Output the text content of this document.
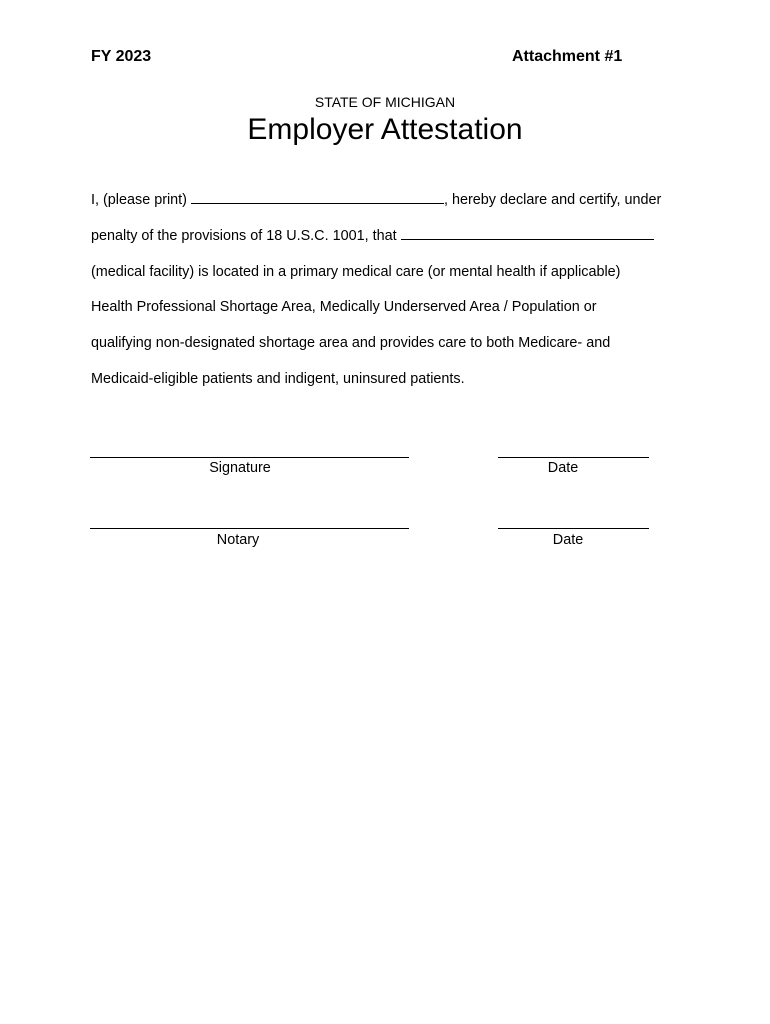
FY 2023	Attachment #1
STATE OF MICHIGAN
Employer Attestation
I, (please print)	, hereby declare and certify, under
penalty of the provisions of 18 U.S.C. 1001, that
(medical facility) is located in a primary medical care (or mental health if applicable)
Health Professional Shortage Area, Medically Underserved Area / Population or
qualifying non-designated shortage area and provides care to both Medicare- and
Medicaid-eligible patients and indigent, uninsured patients.
Signature	Date
Notary	Date
